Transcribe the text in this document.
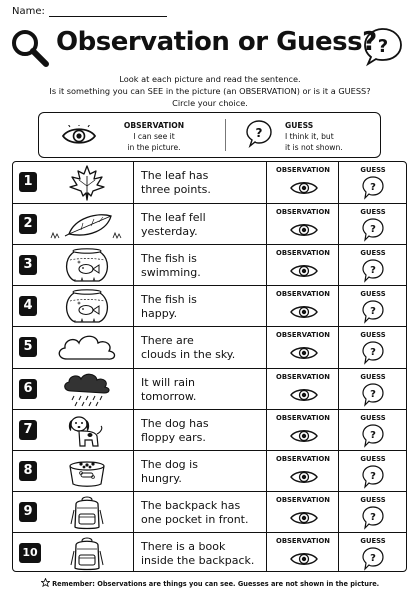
Name:
Observation or Guess? ?
Look at each picture and read the sentence.
Is it something you can SEE in the picture (an OBSERVATION) or is it a GUESS?
Circle your choice.
OBSERVATION
I can see it
in the picture.
?
GUESS
I think it, but
it is not shown.
1	The leaf has
three points.
OBSERVATION	GUESS
?
2	The leaf fell
yesterday.
OBSERVATION	GUESS
?
3	The fish is
swimming.
OBSERVATION	GUESS
?
4	The fish is
happy.
OBSERVATION	GUESS
?
5	There are
clouds in the sky.
OBSERVATION	GUESS
?
6	It will rain
tomorrow.
OBSERVATION	GUESS
?
7	The dog has
floppy ears.
OBSERVATION	GUESS
?
8	The dog is
hungry.
OBSERVATION	GUESS
?
9	The backpack has
one pocket in front.
OBSERVATION	GUESS
?
10	There is a book
inside the backpack.
OBSERVATION	GUESS
?
Remember: Observations are things you can see. Guesses are not shown in the picture.
